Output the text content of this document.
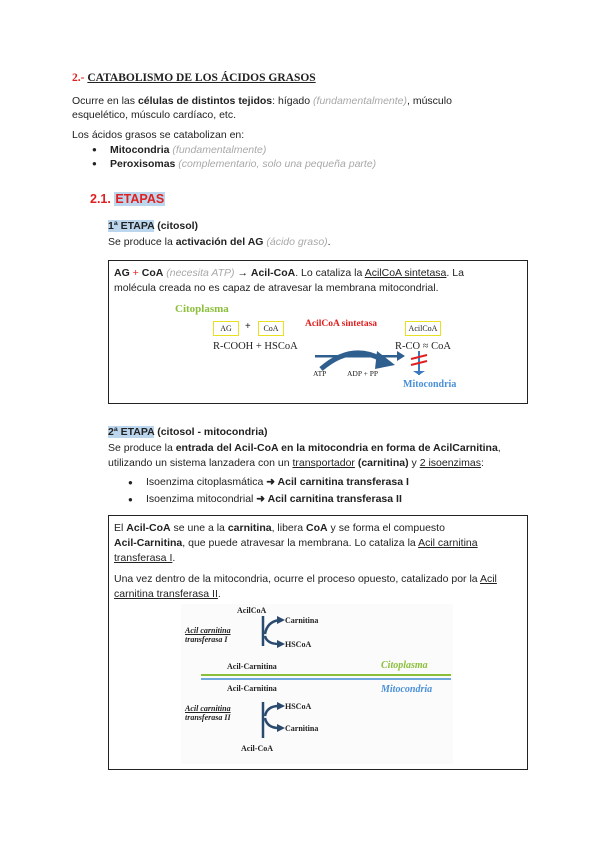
2.- CATABOLISMO DE LOS ÁCIDOS GRASOS
Ocurre en las células de distintos tejidos: hígado (fundamentalmente), músculo
esquelético, músculo cardíaco, etc.
Los ácidos grasos se catabolizan en:
● Mitocondria (fundamentalmente)
● Peroxisomas (complementario, solo una pequeña parte)
2.1. ETAPAS
1ª ETAPA (citosol)
Se produce la activación del AG (ácido graso).
AG + CoA (necesita ATP) → Acil-CoA. Lo cataliza la AcilCoA sintetasa. La
molécula creada no es capaz de atravesar la membrana mitocondrial.
Citoplasma
AG	+	CoA	AcilCoA sintetasa	AcilCoA
R-COOH + HSCoA	R-CO ≈ CoA
ATP	ADP + PP
Mitocondria
2ª ETAPA (citosol - mitocondria)
Se produce la entrada del Acil-CoA en la mitocondria en forma de AcilCarnitina,
utilizando un sistema lanzadera con un transportador (carnitina) y 2 isoenzimas:
● Isoenzima citoplasmática ➜ Acil carnitina transferasa I
● Isoenzima mitocondrial ➜ Acil carnitina transferasa II
El Acil-CoA se une a la carnitina, libera CoA y se forma el compuesto
Acil-Carnitina, que puede atravesar la membrana. Lo cataliza la Acil carnitina
transferasa I.
Una vez dentro de la mitocondria, ocurre el proceso opuesto, catalizado por la Acil
carnitina transferasa II.
AcilCoA
Carnitina
HSCoA
Acil carnitina
transferasa I
Acil-Carnitina	Citoplasma
Acil-Carnitina	Mitocondria
Acil carnitina
transferasa II
HSCoA
Carnitina
Acil-CoA
